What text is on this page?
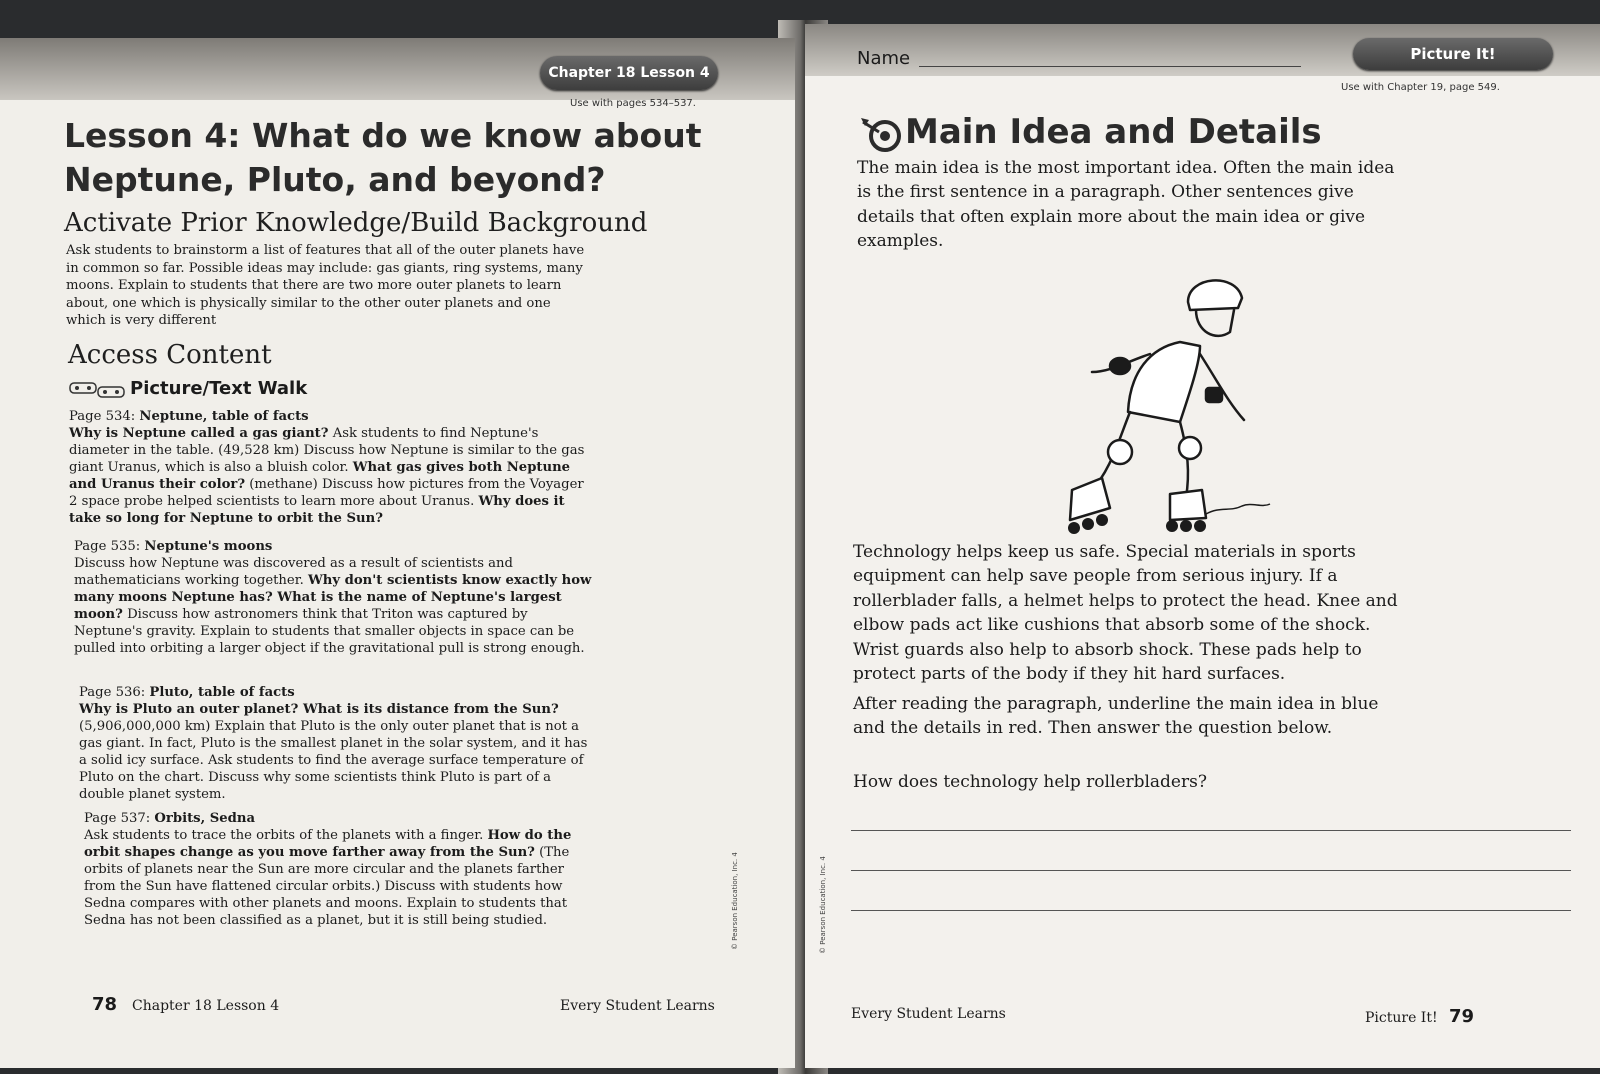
Chapter 18 Lesson 4
Use with pages 534–537.
Lesson 4: What do we know about
Neptune, Pluto, and beyond?
Activate Prior Knowledge/Build Background
Ask students to brainstorm a list of features that all of the outer planets have in common so far. Possible ideas may include: gas giants, ring systems, many moons. Explain to students that there are two more outer planets to learn about, one which is physically similar to the other outer planets and one which is very different
Access Content
Picture/Text Walk
Page 534: Neptune, table of facts
Why is Neptune called a gas giant? Ask students to find Neptune's diameter in the table. (49,528 km) Discuss how Neptune is similar to the gas giant Uranus, which is also a bluish color. What gas gives both Neptune and Uranus their color? (methane) Discuss how pictures from the Voyager 2 space probe helped scientists to learn more about Uranus. Why does it take so long for Neptune to orbit the Sun?
Page 535: Neptune's moons
Discuss how Neptune was discovered as a result of scientists and mathematicians working together. Why don't scientists know exactly how many moons Neptune has? What is the name of Neptune's largest moon? Discuss how astronomers think that Triton was captured by Neptune's gravity. Explain to students that smaller objects in space can be pulled into orbiting a larger object if the gravitational pull is strong enough.
Page 536: Pluto, table of facts
Why is Pluto an outer planet? What is its distance from the Sun? (5,906,000,000 km) Explain that Pluto is the only outer planet that is not a gas giant. In fact, Pluto is the smallest planet in the solar system, and it has a solid icy surface. Ask students to find the average surface temperature of Pluto on the chart. Discuss why some scientists think Pluto is part of a double planet system.
Page 537: Orbits, Sedna
Ask students to trace the orbits of the planets with a finger. How do the orbit shapes change as you move farther away from the Sun? (The orbits of planets near the Sun are more circular and the planets farther from the Sun have flattened circular orbits.) Discuss with students how Sedna compares with other planets and moons. Explain to students that Sedna has not been classified as a planet, but it is still being studied.	© Pearson Education, Inc. 4
78 Chapter 18 Lesson 4	Every Student Learns
Name	Picture It!
Use with Chapter 19, page 549.
Main Idea and Details
The main idea is the most important idea. Often the main idea is the first sentence in a paragraph. Other sentences give details that often explain more about the main idea or give examples.
Technology helps keep us safe. Special materials in sports equipment can help save people from serious injury. If a rollerblader falls, a helmet helps to protect the head. Knee and elbow pads act like cushions that absorb some of the shock. Wrist guards also help to absorb shock. These pads help to protect parts of the body if they hit hard surfaces.
After reading the paragraph, underline the main idea in blue and the details in red. Then answer the question below.
How does technology help rollerbladers?
© Pearson Education, Inc. 4
Every Student Learns	Picture It! 79
